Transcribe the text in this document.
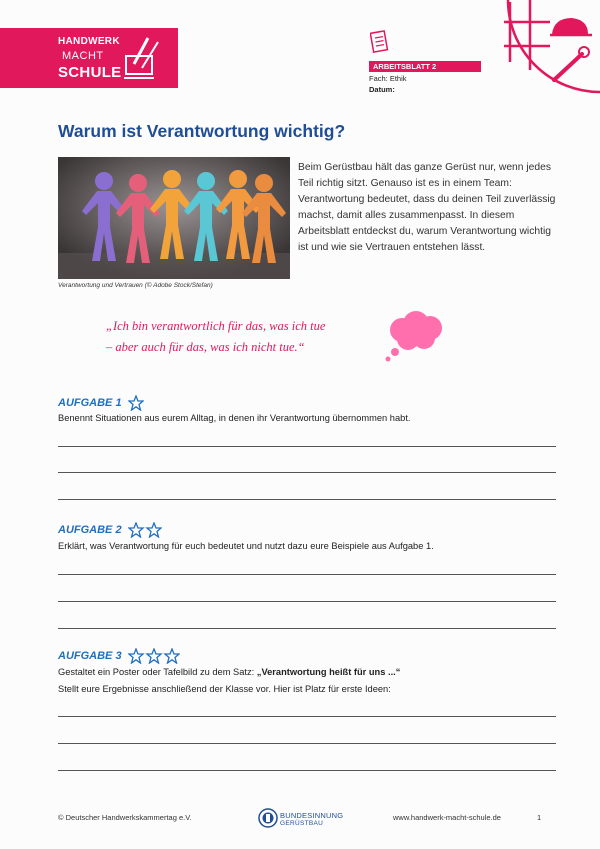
HANDWERK
MACHT
SCHULE	ARBEITSBLATT 2
Fach: Ethik
Datum:
Warum ist Verantwortung wichtig?
Verantwortung und Vertrauen (© Adobe Stock/Stefan)
Beim Gerüstbau hält das ganze Gerüst nur, wenn jedes Teil richtig sitzt. Genauso ist es in einem Team: Verantwortung bedeutet, dass du deinen Teil zuverlässig machst, damit alles zusammenpasst. In diesem Arbeitsblatt entdeckst du, warum Verantwortung wichtig ist und wie sie Vertrauen entstehen lässt.
„Ich bin verantwortlich für das, was ich tue
– aber auch für das, was ich nicht tue.“
AUFGABE 1
Benennt Situationen aus eurem Alltag, in denen ihr Verantwortung übernommen habt.
AUFGABE 2
Erklärt, was Verantwortung für euch bedeutet und nutzt dazu eure Beispiele aus Aufgabe 1.
AUFGABE 3
Gestaltet ein Poster oder Tafelbild zu dem Satz: „Verantwortung heißt für uns ...“
Stellt eure Ergebnisse anschließend der Klasse vor. Hier ist Platz für erste Ideen:
© Deutscher Handwerkskammertag e.V.	BUNDESINNUNG
GERÜSTBAU
www.handwerk-macht-schule.de	1
